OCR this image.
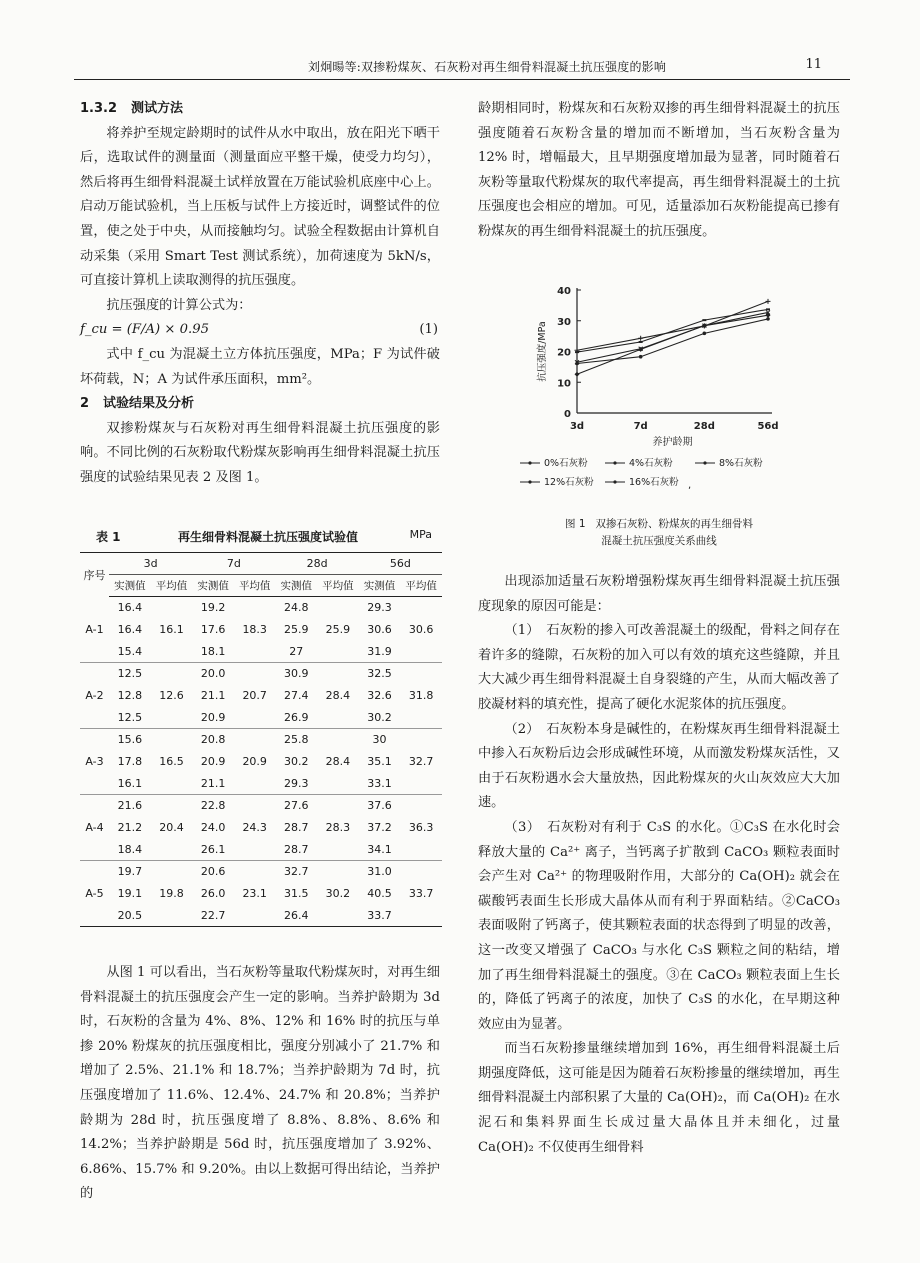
刘炯暘等:双掺粉煤灰、石灰粉对再生细骨料混凝土抗压强度的影响	11
1.3.2 测试方法

将养护至规定龄期时的试件从水中取出，放在阳光下晒干后，选取试件的测量面（测量面应平整干燥，使受力均匀），然后将再生细骨料混凝土试样放置在万能试验机底座中心上。启动万能试验机，当上压板与试件上方接近时，调整试件的位置，使之处于中央，从而接触均匀。试验全程数据由计算机自动采集（采用 Smart Test 测试系统），加荷速度为 5kN/s，可直接计算机上读取测得的抗压强度。

抗压强度的计算公式为：

f_cu = (F/A) × 0.95	(1)

式中 f_cu 为混凝土立方体抗压强度，MPa；F 为试件破坏荷载，N；A 为试件承压面积，mm²。

2 试验结果及分析

双掺粉煤灰与石灰粉对再生细骨料混凝土抗压强度的影响。不同比例的石灰粉取代粉煤灰影响再生细骨料混凝土抗压强度的试验结果见表 2 及图 1。

表 1	再生细骨料混凝土抗压强度试验值	MPa
序号	3d		7d		28d		56d	
	实测值	平均值	实测值	平均值	实测值	平均值	实测值	平均值
A-1	16.4	16.1	19.2	18.3	24.8	25.9	29.3	30.6
	16.4		17.6		25.9		30.6	
	15.4		18.1		27		31.9	
A-2	12.5	12.6	20.0	20.7	30.9	28.4	32.5	31.8
	12.8		21.1		27.4		32.6	
	12.5		20.9		26.9		30.2	
A-3	15.6	16.5	20.8	20.9	25.8	28.4	30	32.7
	17.8		20.9		30.2		35.1	
	16.1		21.1		29.3		33.1	
A-4	21.6	20.4	22.8	24.3	27.6	28.3	37.6	36.3
	21.2		24.0		28.7		37.2	
	18.4		26.1		28.7		34.1	
A-5	19.7	19.8	20.6	23.1	32.7	30.2	31.0	33.7
	19.1		26.0		31.5		40.5	
	20.5		22.7		26.4		33.7	

从图 1 可以看出，当石灰粉等量取代粉煤灰时，对再生细骨料混凝土的抗压强度会产生一定的影响。当养护龄期为 3d 时，石灰粉的含量为 4%、8%、12% 和 16% 时的抗压与单掺 20% 粉煤灰的抗压强度相比，强度分别减小了 21.7% 和增加了 2.5%、21.1% 和 18.7%；当养护龄期为 7d 时，抗压强度增加了 11.6%、12.4%、24.7% 和 20.8%；当养护龄期为 28d 时，抗压强度增了 8.8%、8.8%、8.6% 和 14.2%；当养护龄期是 56d 时，抗压强度增加了 3.92%、6.86%、15.7% 和 9.20%。由以上数据可得出结论，当养护的

龄期相同时，粉煤灰和石灰粉双掺的再生细骨料混凝土的抗压强度随着石灰粉含量的增加而不断增加，当石灰粉含量为 12% 时，增幅最大，且早期强度增加最为显著，同时随着石灰粉等量取代粉煤灰的取代率提高，再生细骨料混凝土的土抗压强度也会相应的增加。可见，适量添加石灰粉能提高已掺有粉煤灰的再生细骨料混凝土的抗压强度。

0
10
20
30
40
3d	7d	28d	56d
养护龄期
抗压强度/MPa
0%石灰粉	4%石灰粉	8%石灰粉
12%石灰粉	16%石灰粉 ,
图 1 双掺石灰粉、粉煤灰的再生细骨料
混凝土抗压强度关系曲线

出现添加适量石灰粉增强粉煤灰再生细骨料混凝土抗压强度现象的原因可能是：

（1）　石灰粉的掺入可改善混凝土的级配，骨料之间存在着许多的缝隙，石灰粉的加入可以有效的填充这些缝隙，并且大大减少再生细骨料混凝土自身裂缝的产生，从而大幅改善了胶凝材料的填充性，提高了硬化水泥浆体的抗压强度。

（2）　石灰粉本身是碱性的，在粉煤灰再生细骨料混凝土中掺入石灰粉后边会形成碱性环境，从而激发粉煤灰活性，又由于石灰粉遇水会大量放热，因此粉煤灰的火山灰效应大大加速。

（3）　石灰粉对有利于 C₃S 的水化。①C₃S 在水化时会释放大量的 Ca²⁺ 离子，当钙离子扩散到 CaCO₃ 颗粒表面时会产生对 Ca²⁺ 的物理吸附作用，大部分的 Ca(OH)₂ 就会在碳酸钙表面生长形成大晶体从而有利于界面粘结。②CaCO₃ 表面吸附了钙离子，使其颗粒表面的状态得到了明显的改善，这一改变又增强了 CaCO₃ 与水化 C₃S 颗粒之间的粘结，增加了再生细骨料混凝土的强度。③在 CaCO₃ 颗粒表面上生长的，降低了钙离子的浓度，加快了 C₃S 的水化，在早期这种效应由为显著。

而当石灰粉掺量继续增加到 16%，再生细骨料混凝土后期强度降低，这可能是因为随着石灰粉掺量的继续增加，再生细骨料混凝土内部积累了大量的 Ca(OH)₂，而 Ca(OH)₂ 在水泥石和集料界面生长成过量大晶体且并未细化，过量 Ca(OH)₂ 不仅使再生细骨料
